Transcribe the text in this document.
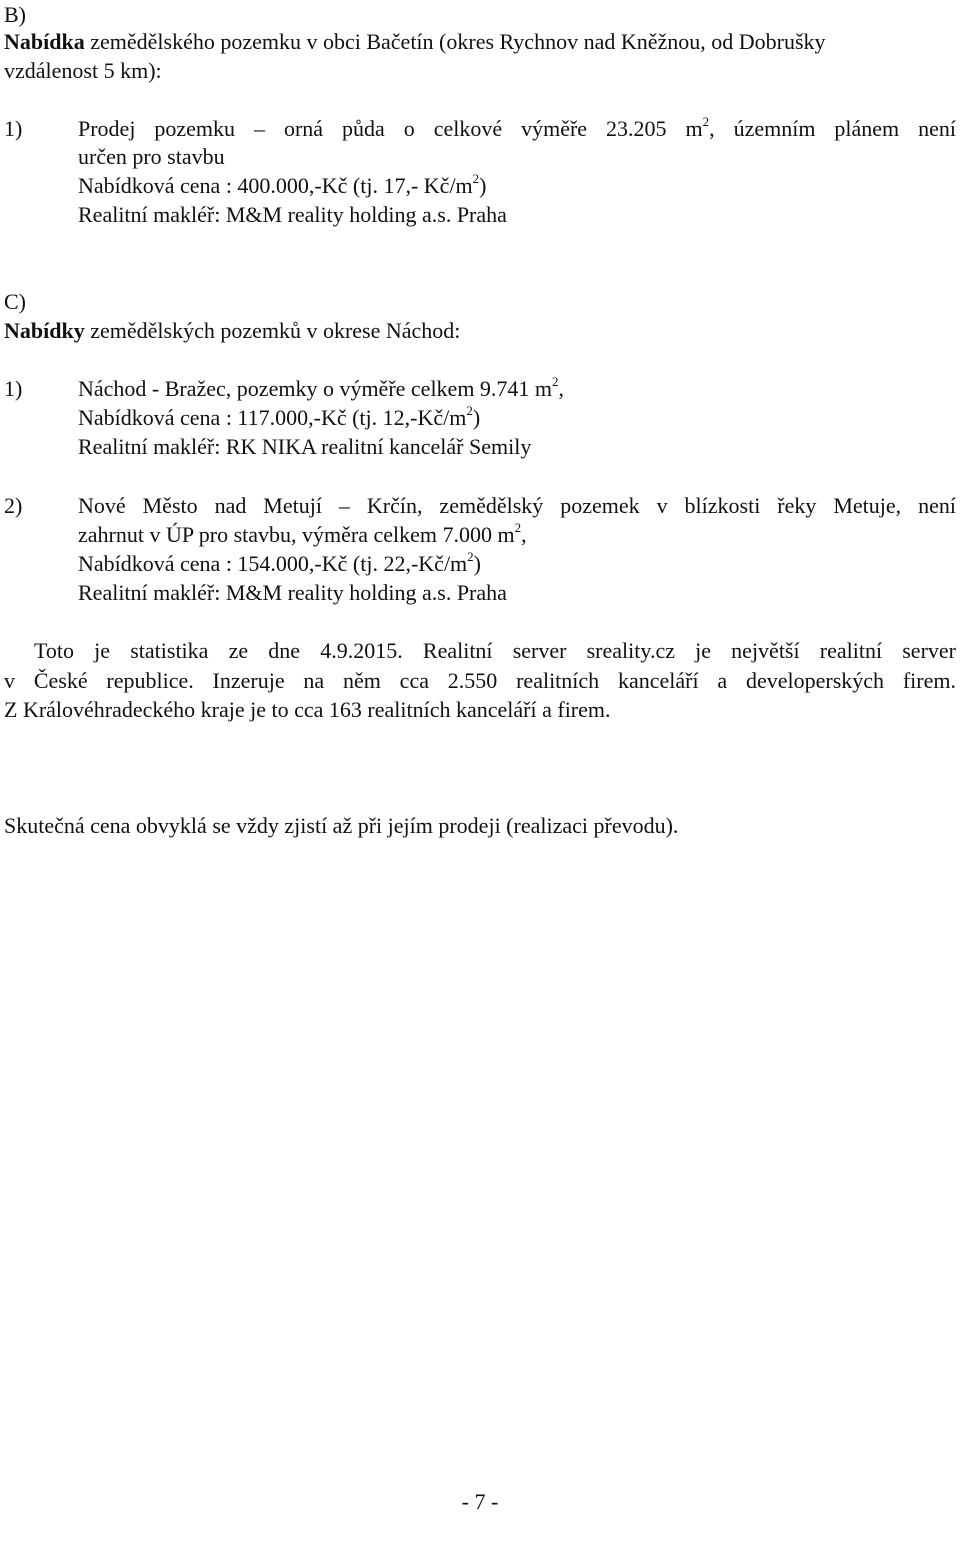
B)
Nabídka zemědělského pozemku v obci Bačetín (okres Rychnov nad Kněžnou, od Dobrušky
vzdálenost 5 km):
1)	Prodej pozemku – orná půda o celkové výměře 23.205 $m^2$, územním plánem není
určen pro stavbu
Nabídková cena : 400.000,-Kč (tj. 17,- $Kč/m^2$)
Realitní makléř: M&M reality holding a.s. Praha
C)
Nabídky zemědělských pozemků v okrese Náchod:
1)	Náchod - Bražec, pozemky o výměře celkem 9.741 $m^2$,
Nabídková cena : 117.000,-Kč (tj. $12,-Kč/m^2$)
Realitní makléř: RK NIKA realitní kancelář Semily
2)	Nové Město nad Metují – Krčín, zemědělský pozemek v blízkosti řeky Metuje, není
zahrnut v ÚP pro stavbu, výměra celkem 7.000 $m^2$,
Nabídková cena : 154.000,-Kč (tj. $22,-Kč/m^2$)
Realitní makléř: M&M reality holding a.s. Praha
Toto je statistika ze dne 4.9.2015. Realitní server sreality.cz je největší realitní server
v České republice. Inzeruje na něm cca 2.550 realitních kanceláří a developerských firem.
Z Královéhradeckého kraje je to cca 163 realitních kanceláří a firem.
Skutečná cena obvyklá se vždy zjistí až při jejím prodeji (realizaci převodu).
- 7 -
